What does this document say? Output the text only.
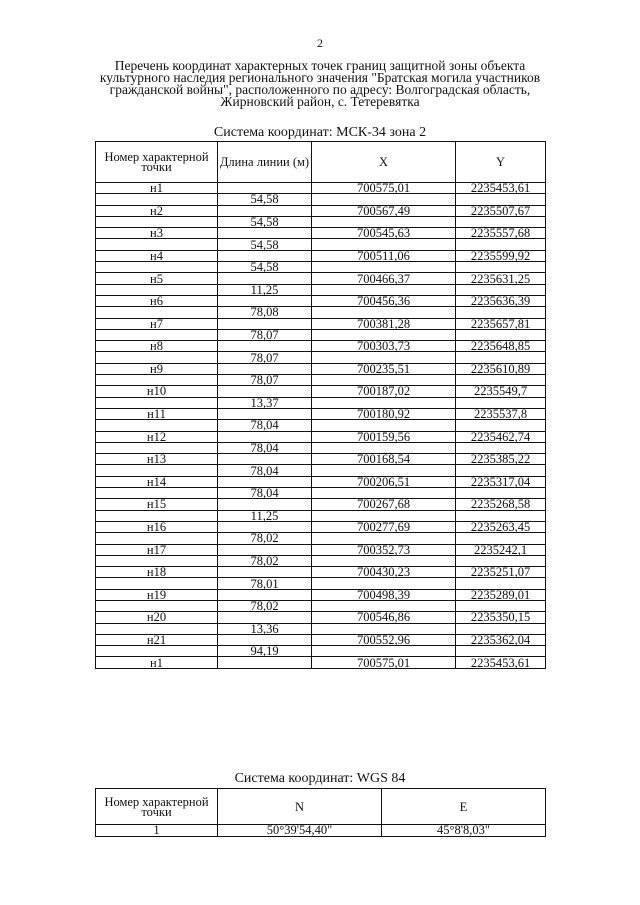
2
Перечень координат характерных точек границ защитной зоны объекта
культурного наследия регионального значения "Братская могила участников
гражданской войны", расположенного по адресу: Волгоградская область,
Жирновский район, с. Тетеревятка
Система координат: МСК-34 зона 2
Номер характерной точки	Длина линии (м)	X	Y
н1		700575,01	2235453,61
	54,58		
н2		700567,49	2235507,67
	54,58		
н3		700545,63	2235557,68
	54,58		
н4		700511,06	2235599,92
	54,58		
н5		700466,37	2235631,25
	11,25		
н6		700456,36	2235636,39
	78,08		
н7		700381,28	2235657,81
	78,07		
н8		700303,73	2235648,85
	78,07		
н9		700235,51	2235610,89
	78,07		
н10		700187,02	2235549,7
	13,37		
н11		700180,92	2235537,8
	78,04		
н12		700159,56	2235462,74
	78,04		
н13		700168,54	2235385,22
	78,04		
н14		700206,51	2235317,04
	78,04		
н15		700267,68	2235268,58
	11,25		
н16		700277,69	2235263,45
	78,02		
н17		700352,73	2235242,1
	78,02		
н18		700430,23	2235251,07
	78,01		
н19		700498,39	2235289,01
	78,02		
н20		700546,86	2235350,15
	13,36		
н21		700552,96	2235362,04
	94,19		
н1		700575,01	2235453,61
Система координат: WGS 84
Номер характерной точки	N	E
1	50°39'54,40"	45°8'8,03"
